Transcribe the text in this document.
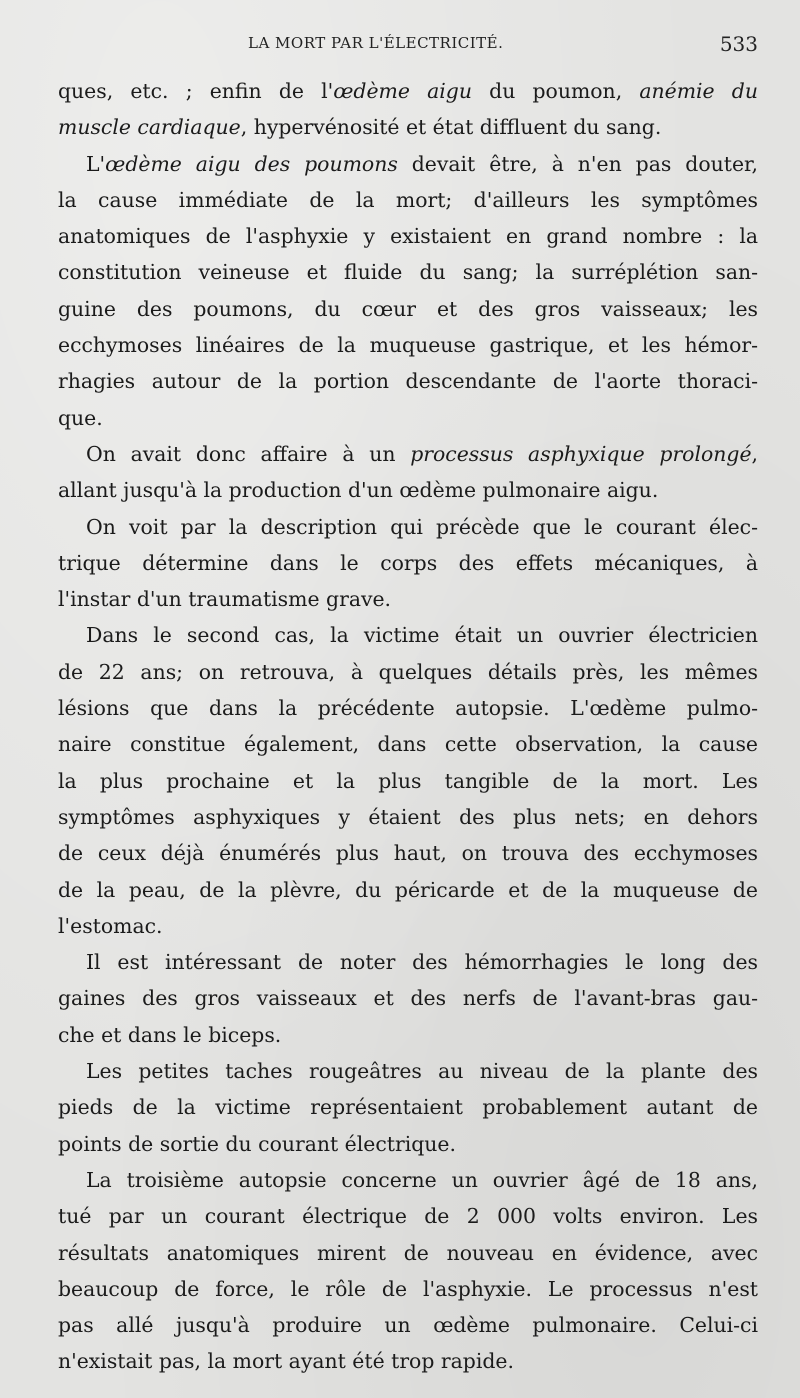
LA MORT PAR L'ÉLECTRICITÉ.	533
ques, etc. ; enfin de l'œdème aigu du poumon, anémie du
muscle cardiaque, hypervénosité et état diffluent du sang.
L'œdème aigu des poumons devait être, à n'en pas douter,
la cause immédiate de la mort; d'ailleurs les symptômes
anatomiques de l'asphyxie y existaient en grand nombre : la
constitution veineuse et fluide du sang; la surréplétion san-
guine des poumons, du cœur et des gros vaisseaux; les
ecchymoses linéaires de la muqueuse gastrique, et les hémor-
rhagies autour de la portion descendante de l'aorte thoraci-
que.
On avait donc affaire à un processus asphyxique prolongé,
allant jusqu'à la production d'un œdème pulmonaire aigu.
On voit par la description qui précède que le courant élec-
trique détermine dans le corps des effets mécaniques, à
l'instar d'un traumatisme grave.
Dans le second cas, la victime était un ouvrier électricien
de 22 ans; on retrouva, à quelques détails près, les mêmes
lésions que dans la précédente autopsie. L'œdème pulmo-
naire constitue également, dans cette observation, la cause
la plus prochaine et la plus tangible de la mort. Les
symptômes asphyxiques y étaient des plus nets; en dehors
de ceux déjà énumérés plus haut, on trouva des ecchymoses
de la peau, de la plèvre, du péricarde et de la muqueuse de
l'estomac.
Il est intéressant de noter des hémorrhagies le long des
gaines des gros vaisseaux et des nerfs de l'avant-bras gau-
che et dans le biceps.
Les petites taches rougeâtres au niveau de la plante des
pieds de la victime représentaient probablement autant de
points de sortie du courant électrique.
La troisième autopsie concerne un ouvrier âgé de 18 ans,
tué par un courant électrique de 2 000 volts environ. Les
résultats anatomiques mirent de nouveau en évidence, avec
beaucoup de force, le rôle de l'asphyxie. Le processus n'est
pas allé jusqu'à produire un œdème pulmonaire. Celui-ci
n'existait pas, la mort ayant été trop rapide.
